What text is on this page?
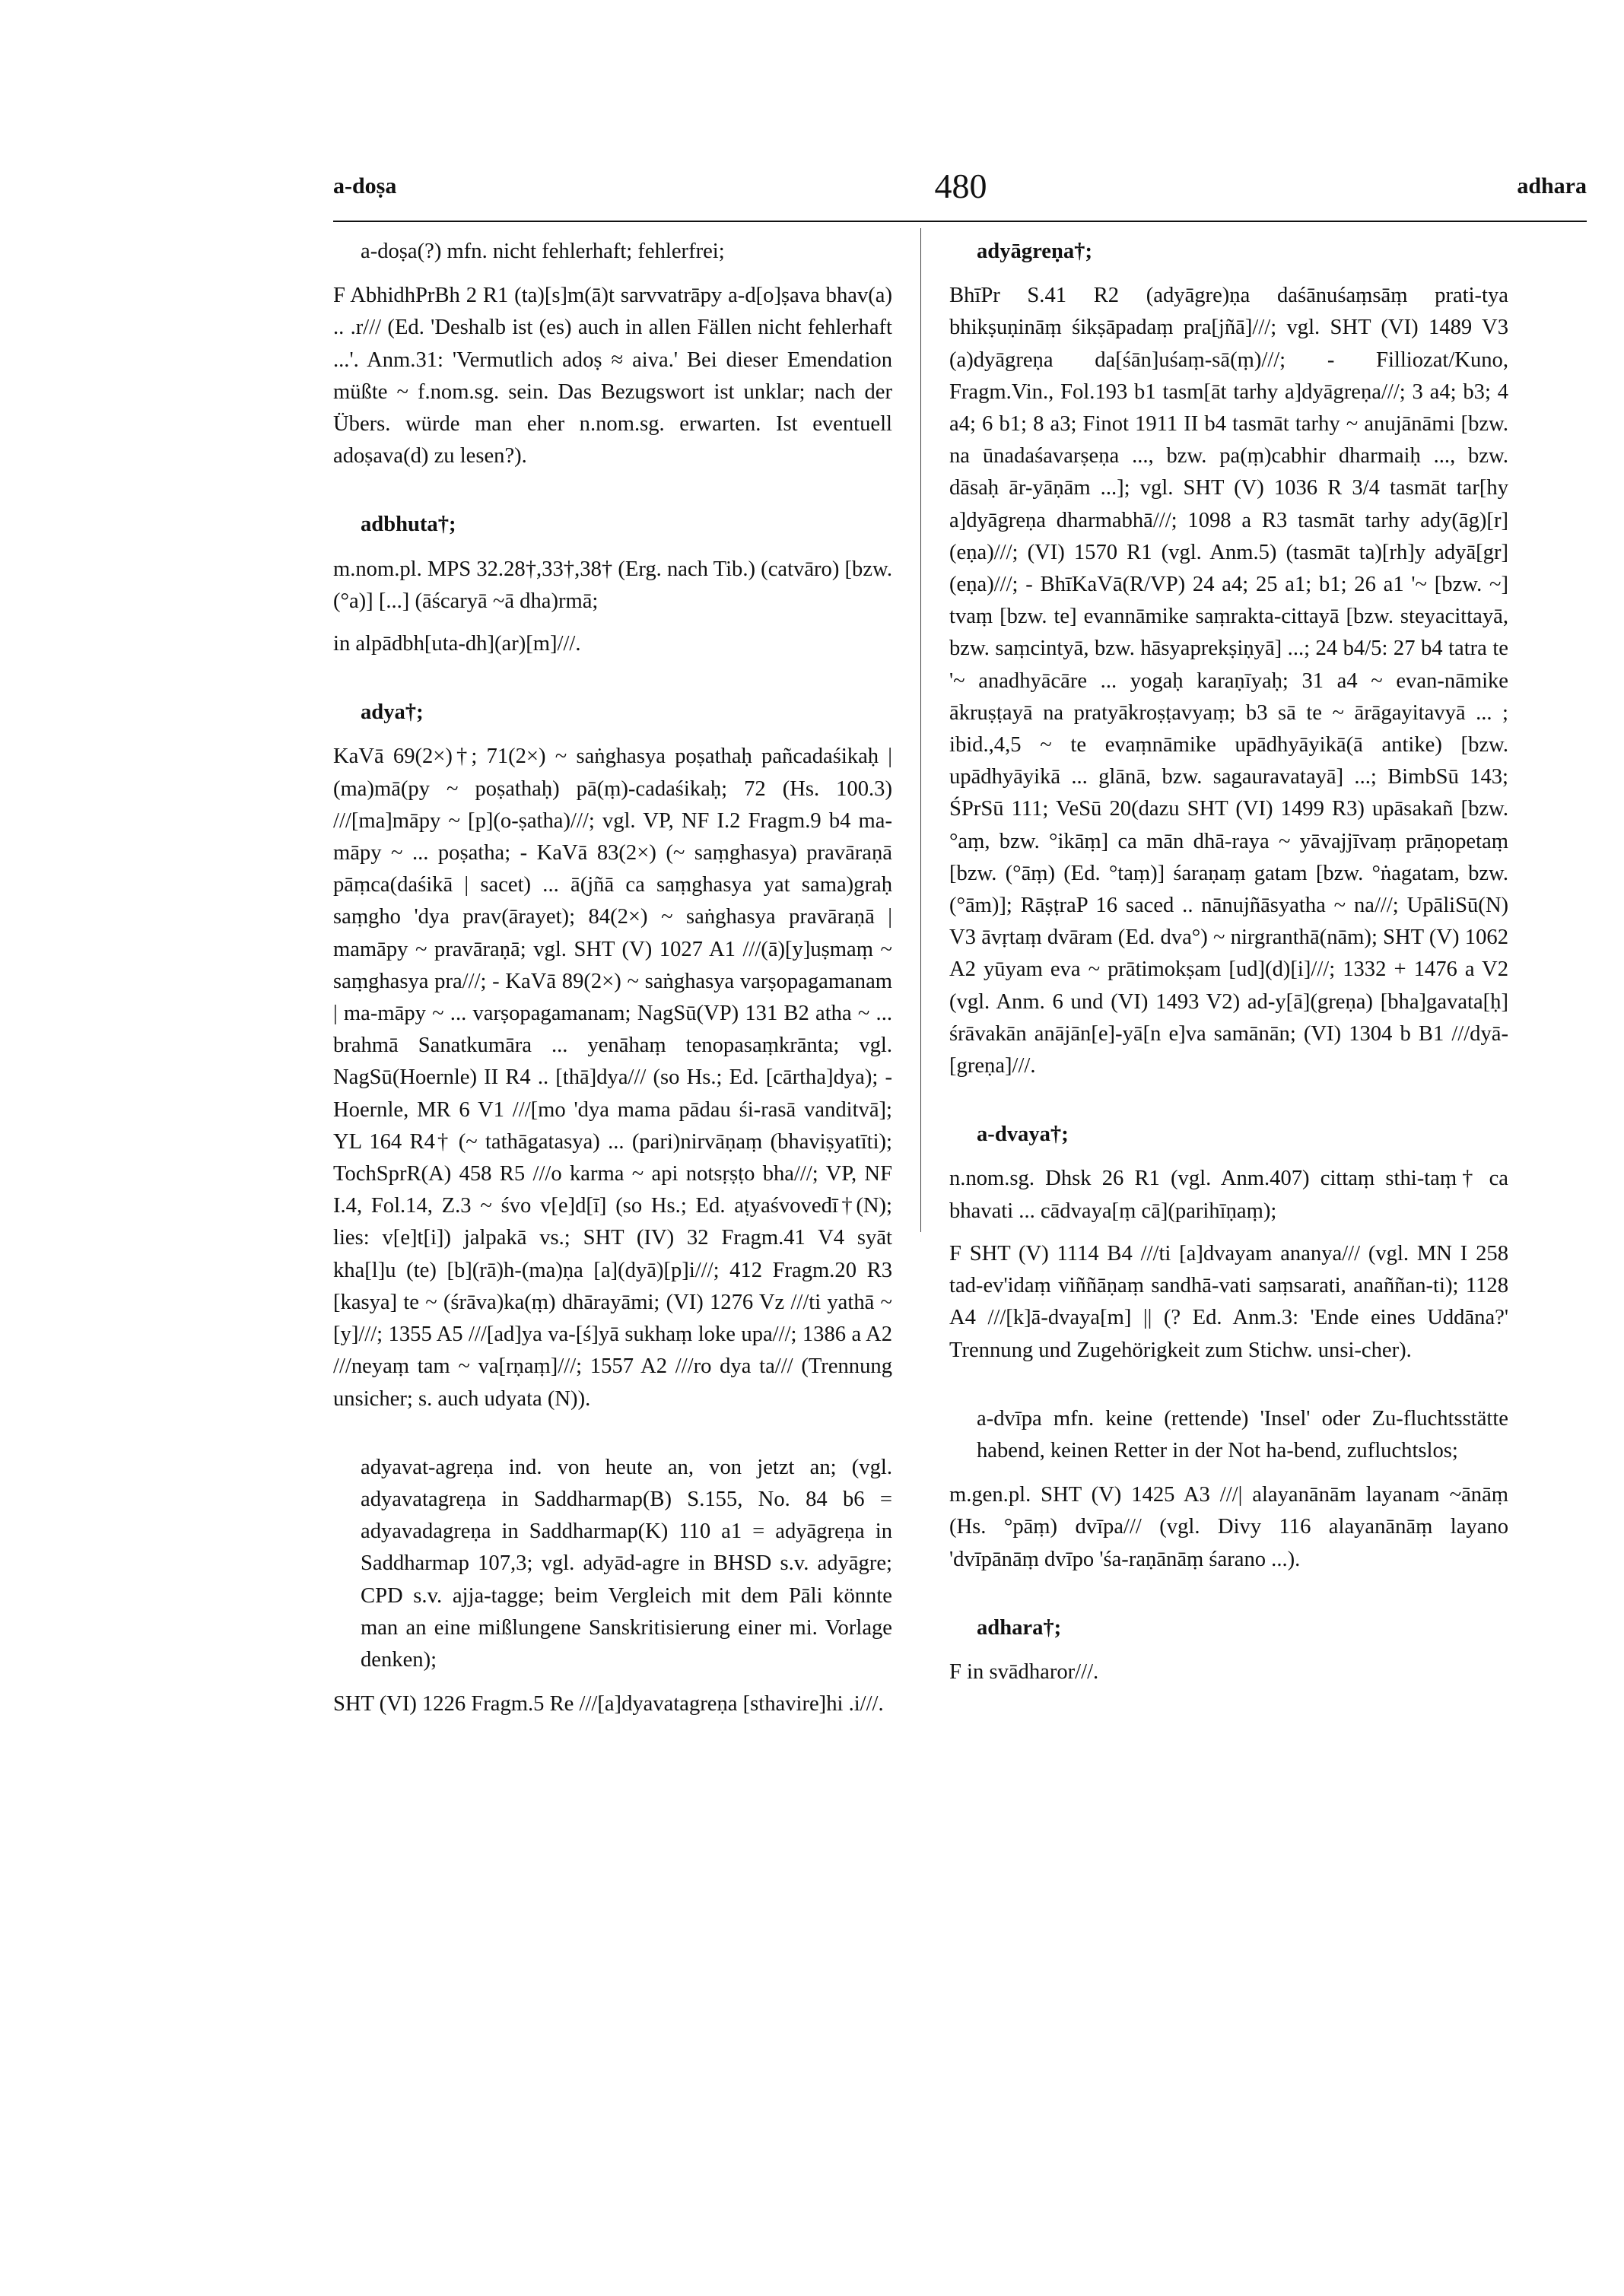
a-doṣa	480	adhara

a-doṣa(?) mfn. nicht fehlerhaft; fehlerfrei;

F AbhidhPrBh 2 R1 (ta)[s]m(ā)t sarvvatrāpy a-d[o]ṣava bhav(a) .. .r/// (Ed. 'Deshalb ist (es) auch in allen Fällen nicht fehlerhaft ...'. Anm.31: 'Vermutlich adoṣ ≈ aiva.' Bei dieser Emendation müßte ~ f.nom.sg. sein. Das Bezugswort ist unklar; nach der Übers. würde man eher n.nom.sg. erwarten. Ist eventuell adoṣava(d) zu lesen?).

adbhuta†;

m.nom.pl. MPS 32.28†,33†,38† (Erg. nach Tib.) (catvāro) [bzw. (°a)] [...] (āścaryā ~ā dha)rmā;

in alpādbh[uta-dh](ar)[m]///.

adya†;

KaVā 69(2×)†; 71(2×) ~ saṅghasya poṣathaḥ pañcadaśikaḥ | (ma)mā(py ~ poṣathaḥ) pā(ṃ)-cadaśikaḥ; 72 (Hs. 100.3) ///[ma]māpy ~ [p](o-ṣatha)///; vgl. VP, NF I.2 Fragm.9 b4 ma-māpy ~ ... poṣatha; - KaVā 83(2×) (~ saṃghasya) pravāraṇā pāṃca(daśikā | sacet) ... ā(jñā ca saṃghasya yat sama)graḥ saṃgho 'dya prav(ārayet); 84(2×) ~ saṅghasya pravāraṇā | mamāpy ~ pravāraṇā; vgl. SHT (V) 1027 A1 ///(ā)[y]uṣmaṃ ~ saṃghasya pra///; - KaVā 89(2×) ~ saṅghasya varṣopagamanam | ma-māpy ~ ... varṣopagamanam; NagSū(VP) 131 B2 atha ~ ... brahmā Sanatkumāra ... yenāhaṃ tenopasaṃkrānta; vgl. NagSū(Hoernle) II R4 .. [thā]dya/// (so Hs.; Ed. [cārtha]dya); - Hoernle, MR 6 V1 ///[mo 'dya mama pādau śi-rasā vanditvā]; YL 164 R4† (~ tathāgatasya) ... (pari)nirvāṇaṃ (bhaviṣyatīti); TochSprR(A) 458 R5 ///o karma ~ api notsṛṣṭo bha///; VP, NF I.4, Fol.14, Z.3 ~ śvo v[e]d[ī] (so Hs.; Ed. aṭyaśvovedī†(N); lies: v[e]t[i]) jalpakā vs.; SHT (IV) 32 Fragm.41 V4 syāt kha[l]u (te) [b](rā)h-(ma)ṇa [a](dyā)[p]i///; 412 Fragm.20 R3 [kasya] te ~ (śrāva)ka(ṃ) dhārayāmi; (VI) 1276 Vz ///ti yathā ~ [y]///; 1355 A5 ///[ad]ya va-[ś]yā sukhaṃ loke upa///; 1386 a A2 ///neyaṃ tam ~ va[rṇaṃ]///; 1557 A2 ///ro dya ta/// (Trennung unsicher; s. auch udyata (N)).

adyavat-agreṇa ind. von heute an, von jetzt an; (vgl. adyavatagreṇa in Saddharmap(B) S.155, No. 84 b6 = adyavadagreṇa in Saddharmap(K) 110 a1 = adyāgreṇa in Saddharmap 107,3; vgl. adyād-agre in BHSD s.v. adyāgre; CPD s.v. ajja-tagge; beim Vergleich mit dem Pāli könnte man an eine mißlungene Sanskritisierung einer mi. Vorlage denken);

SHT (VI) 1226 Fragm.5 Re ///[a]dyavatagreṇa [sthavire]hi .i///.

adyāgreṇa†;

BhīPr S.41 R2 (adyāgre)ṇa daśānuśaṃsāṃ prati-tya bhikṣuṇināṃ śikṣāpadaṃ pra[jñā]///; vgl. SHT (VI) 1489 V3 (a)dyāgreṇa da[śān]uśaṃ-sā(ṃ)///; - Filliozat/Kuno, Fragm.Vin., Fol.193 b1 tasm[āt tarhy a]dyāgreṇa///; 3 a4; b3; 4 a4; 6 b1; 8 a3; Finot 1911 II b4 tasmāt tarhy ~ anujānāmi [bzw. na ūnadaśavarṣeṇa ..., bzw. pa(ṃ)cabhir dharmaiḥ ..., bzw. dāsaḥ ār-yāṇām ...]; vgl. SHT (V) 1036 R 3/4 tasmāt tar[hy a]dyāgreṇa dharmabhā///; 1098 a R3 tasmāt tarhy ady(āg)[r](eṇa)///; (VI) 1570 R1 (vgl. Anm.5) (tasmāt ta)[rh]y adyā[gr](eṇa)///; - BhīKaVā(R/VP) 24 a4; 25 a1; b1; 26 a1 '~ [bzw. ~] tvaṃ [bzw. te] evannāmike saṃrakta-cittayā [bzw. steyacittayā, bzw. saṃcintyā, bzw. hāsyaprekṣiṇyā] ...; 24 b4/5: 27 b4 tatra te '~ anadhyācāre ... yogaḥ karaṇīyaḥ; 31 a4 ~ evan-nāmike ākruṣṭayā na pratyākroṣṭavyaṃ; b3 sā te ~ ārāgayitavyā ... ; ibid.,4,5 ~ te evaṃnāmike upādhyāyikā(ā antike) [bzw. upādhyāyikā ... glānā, bzw. sagauravatayā] ...; BimbSū 143; ŚPrSū 111; VeSū 20(dazu SHT (VI) 1499 R3) upāsakañ [bzw. °aṃ, bzw. °ikāṃ] ca mān dhā-raya ~ yāvajjīvaṃ prāṇopetaṃ [bzw. (°āṃ) (Ed. °taṃ)] śaraṇaṃ gatam [bzw. °ṅagatam, bzw. (°ām)]; RāṣṭraP 16 saced .. nānujñāsyatha ~ na///; UpāliSū(N) V3 āvṛtaṃ dvāram (Ed. dva°) ~ nirgranthā(nām); SHT (V) 1062 A2 yūyam eva ~ prātimokṣam [ud](d)[i]///; 1332 + 1476 a V2 (vgl. Anm. 6 und (VI) 1493 V2) ad-y[ā](greṇa) [bha]gavata[ḥ] śrāvakān anājān[e]-yā[n e]va samānān; (VI) 1304 b B1 ///dyā-[greṇa]///.

a-dvaya†;

n.nom.sg. Dhsk 26 R1 (vgl. Anm.407) cittaṃ sthi-taṃ† ca bhavati ... cādvaya[ṃ cā](parihīṇaṃ);

F SHT (V) 1114 B4 ///ti [a]dvayam ananya/// (vgl. MN I 258 tad-ev'idaṃ viññāṇaṃ sandhā-vati saṃsarati, anaññan-ti); 1128 A4 ///[k]ā-dvaya[m] || (? Ed. Anm.3: 'Ende eines Uddāna?' Trennung und Zugehörigkeit zum Stichw. unsi-cher).

a-dvīpa mfn. keine (rettende) 'Insel' oder Zu-fluchtsstätte habend, keinen Retter in der Not ha-bend, zufluchtslos;

m.gen.pl. SHT (V) 1425 A3 ///| alayanānām layanam ~ānāṃ (Hs. °pāṃ) dvīpa/// (vgl. Divy 116 alayanānāṃ layano 'dvīpānāṃ dvīpo 'śa-raṇānāṃ śarano ...).

adhara†;

F in svādharor///.
